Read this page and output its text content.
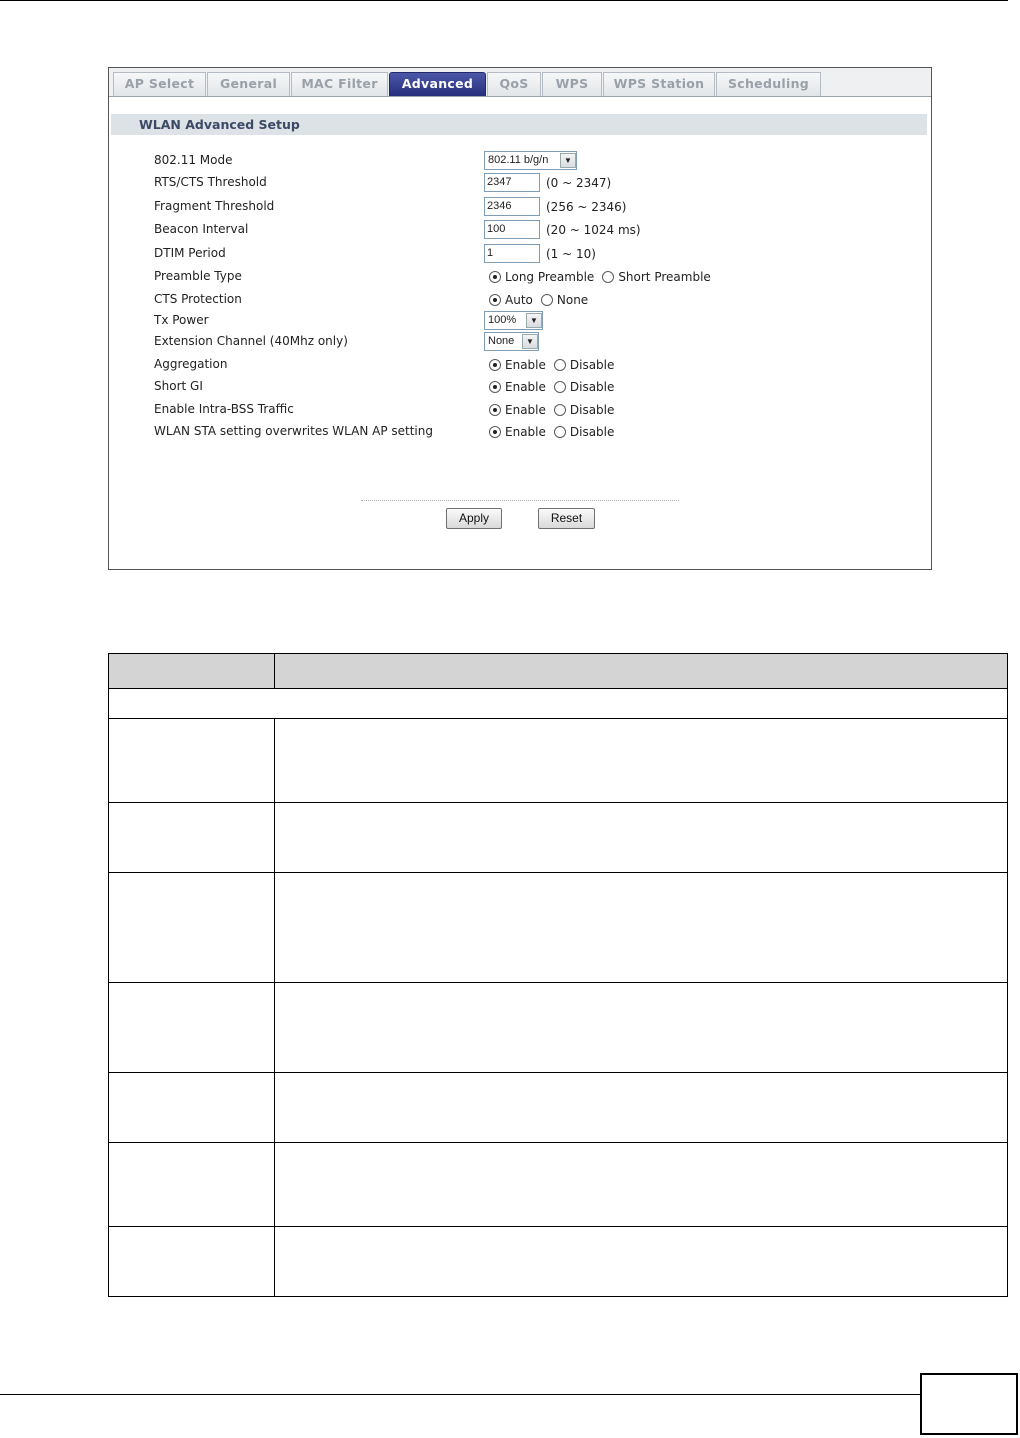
AP Select	General	MAC Filter	Advanced	QoS	WPS	WPS Station	Scheduling
WLAN Advanced Setup
802.11 Mode	802.11 b/g/n	▼
RTS/CTS Threshold	2347	(0 ~ 2347)
Fragment Threshold	2346	(256 ~ 2346)
Beacon Interval	100	(20 ~ 1024 ms)
DTIM Period	1	(1 ~ 10)
Preamble Type	Long Preamble Short Preamble
CTS Protection	Auto None
Tx Power	100%	▼
Extension Channel (40Mhz only)	None	▼
Aggregation	Enable Disable
Short GI	Enable Disable
Enable Intra-BSS Traffic	Enable Disable
WLAN STA setting overwrites WLAN AP setting	Enable Disable
Apply	Reset
